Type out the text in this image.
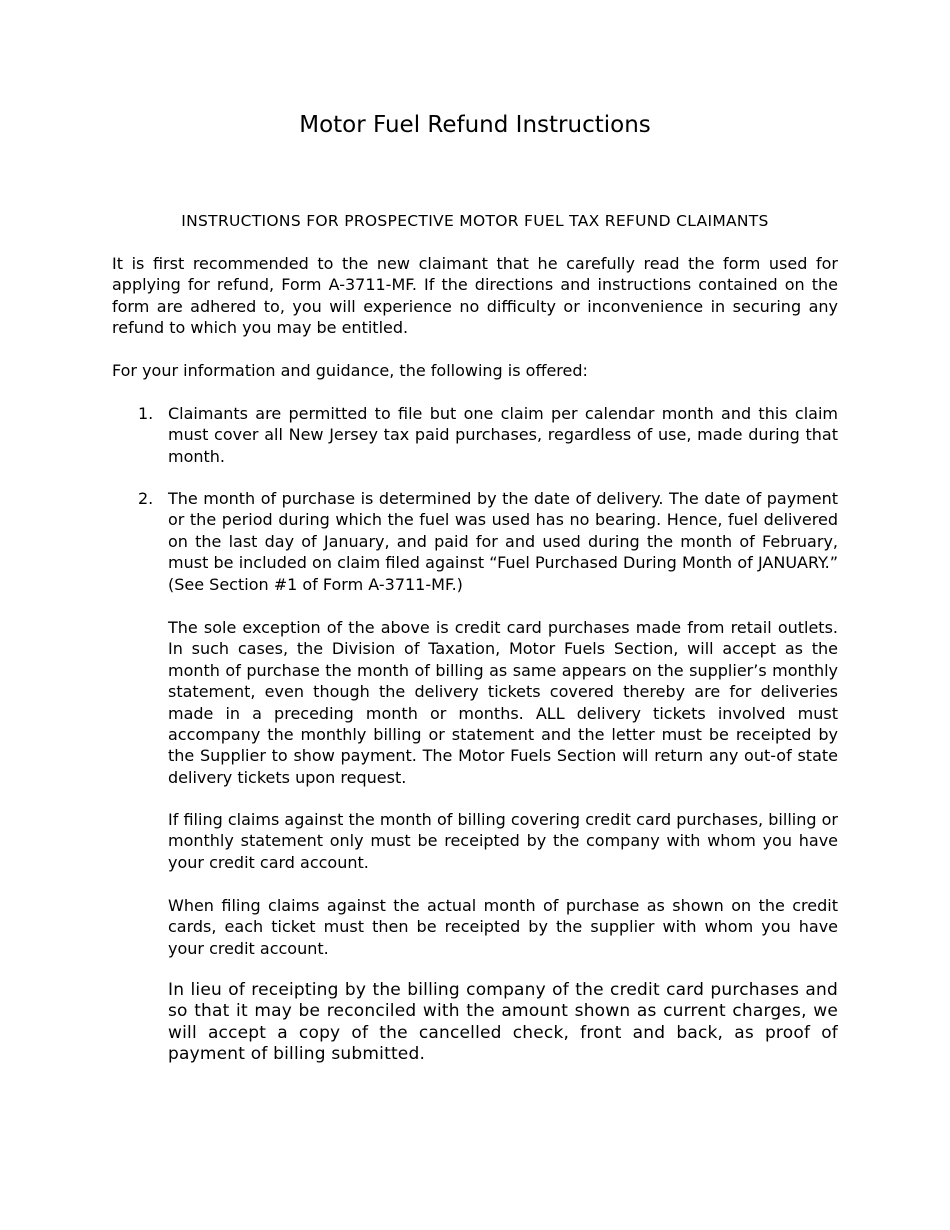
Motor Fuel Refund Instructions
INSTRUCTIONS FOR PROSPECTIVE MOTOR FUEL TAX REFUND CLAIMANTS

It is first recommended to the new claimant that he carefully read the form used for applying for refund, Form A-3711-MF. If the directions and instructions contained on the form are adhered to, you will experience no difficulty or inconvenience in securing any refund to which you may be entitled.

For your information and guidance, the following is offered:

1. Claimants are permitted to file but one claim per calendar month and this claim must cover all New Jersey tax paid purchases, regardless of use, made during that month.

2. The month of purchase is determined by the date of delivery. The date of payment or the period during which the fuel was used has no bearing. Hence, fuel delivered on the last day of January, and paid for and used during the month of February, must be included on claim filed against “Fuel Purchased During Month of JANUARY.” (See Section #1 of Form A-3711-MF.)

The sole exception of the above is credit card purchases made from retail outlets. In such cases, the Division of Taxation, Motor Fuels Section, will accept as the month of purchase the month of billing as same appears on the supplier’s monthly statement, even though the delivery tickets covered thereby are for deliveries made in a preceding month or months. ALL delivery tickets involved must accompany the monthly billing or statement and the letter must be receipted by the Supplier to show payment. The Motor Fuels Section will return any out-of state delivery tickets upon request.

If filing claims against the month of billing covering credit card purchases, billing or monthly statement only must be receipted by the company with whom you have your credit card account.

When filing claims against the actual month of purchase as shown on the credit cards, each ticket must then be receipted by the supplier with whom you have your credit account.

In lieu of receipting by the billing company of the credit card purchases and so that it may be reconciled with the amount shown as current charges, we will accept a copy of the cancelled check, front and back, as proof of payment of billing submitted.
